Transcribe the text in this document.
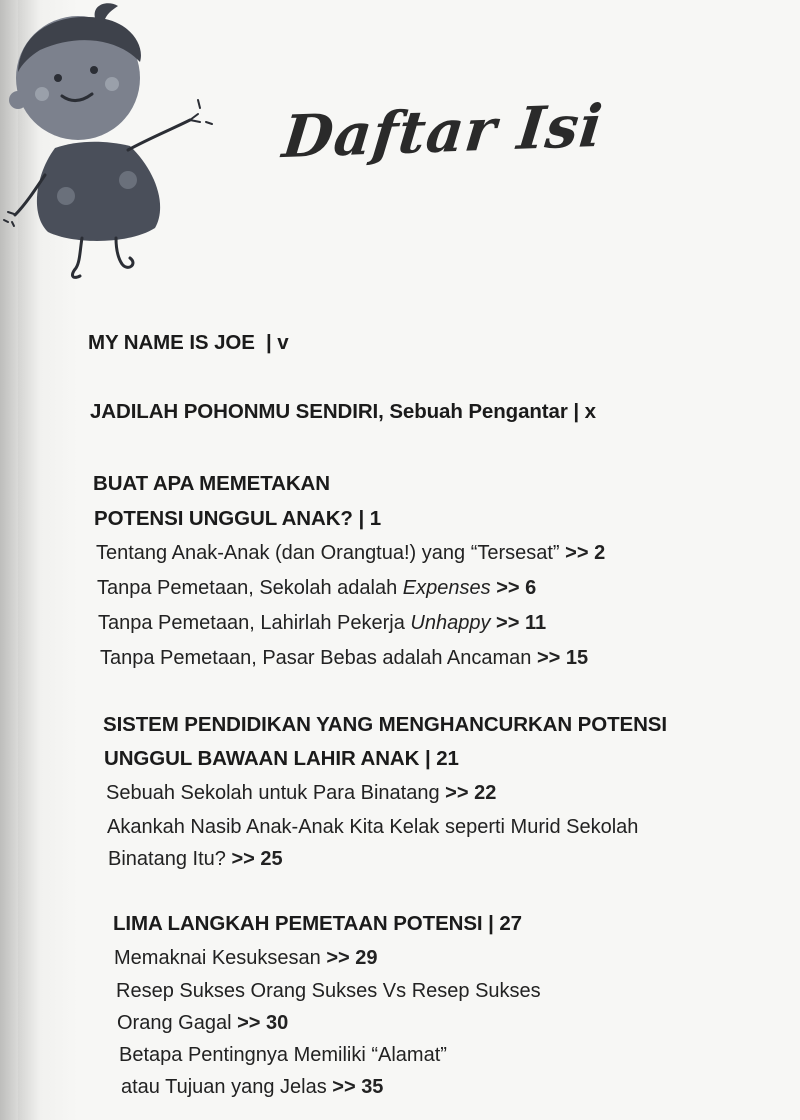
Daftar Isi
MY NAME IS JOE | v
JADILAH POHONMU SENDIRI, Sebuah Pengantar | x
BUAT APA MEMETAKAN
POTENSI UNGGUL ANAK? | 1
Tentang Anak-Anak (dan Orangtua!) yang “Tersesat” >> 2
Tanpa Pemetaan, Sekolah adalah Expenses >> 6
Tanpa Pemetaan, Lahirlah Pekerja Unhappy >> 11
Tanpa Pemetaan, Pasar Bebas adalah Ancaman >> 15
SISTEM PENDIDIKAN YANG MENGHANCURKAN POTENSI
UNGGUL BAWAAN LAHIR ANAK | 21
Sebuah Sekolah untuk Para Binatang >> 22
Akankah Nasib Anak-Anak Kita Kelak seperti Murid Sekolah
Binatang Itu? >> 25
LIMA LANGKAH PEMETAAN POTENSI | 27
Memaknai Kesuksesan >> 29
Resep Sukses Orang Sukses Vs Resep Sukses
Orang Gagal >> 30
Betapa Pentingnya Memiliki “Alamat”
atau Tujuan yang Jelas >> 35
